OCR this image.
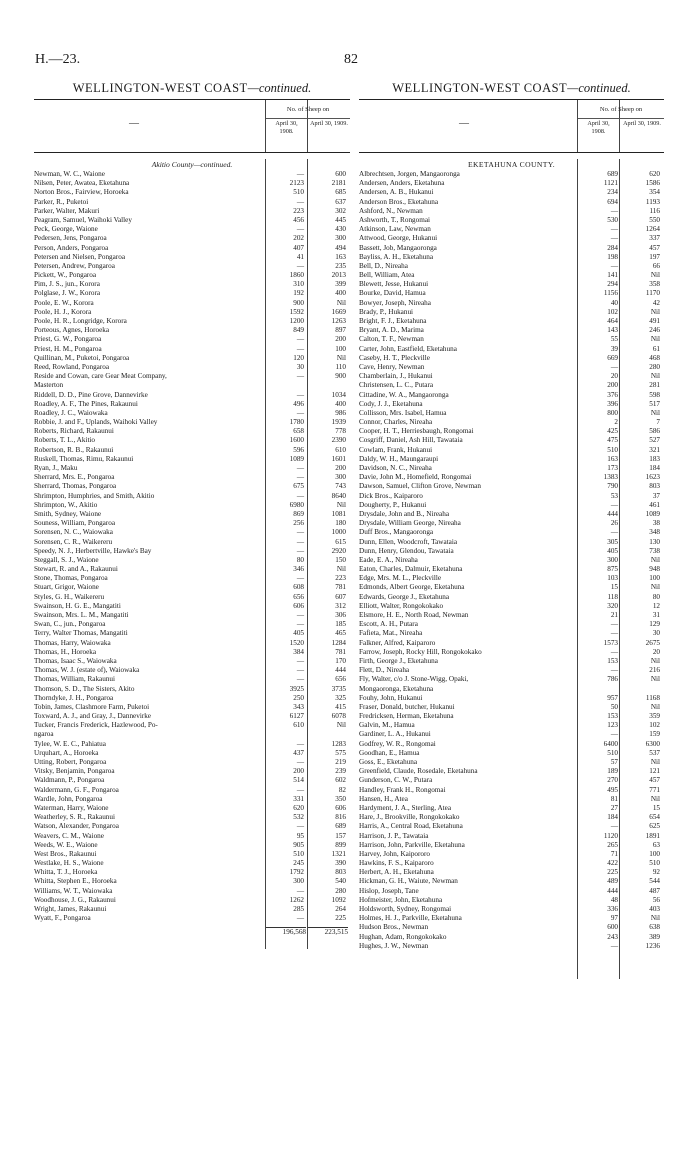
H.—23.	82
WELLINGTON-WEST COAST—continued.
—
No. of Sheep on
April 30, 1908.
April 30, 1909.
Akitio County—continued.
Newman, W. C., Waione	—	600
Nilsen, Peter, Awatea, Eketahuna	2123	2181
Norton Bros., Fairview, Horoeka	510	685
Parker, R., Puketoi	—	637
Parker, Walter, Makuri	223	302
Peagram, Samuel, Waihoki Valley	456	445
Peck, George, Waione	—	430
Pedersen, Jens, Pongaroa	202	300
Person, Anders, Pongaroa	407	494
Petersen and Nielsen, Pongaroa	41	163
Petersen, Andrew, Pongaroa	—	235
Pickett, W., Pongaroa	1860	2013
Pim, J. S., jun., Korora	310	399
Polglase, J. W., Korora	192	400
Poole, E. W., Korora	900	Nil
Poole, H. J., Korora	1592	1669
Poole, H. R., Longridge, Korora	1200	1263
Porteous, Agnes, Horoeka	849	897
Priest, G. W., Pongaroa	—	200
Priest, H. M., Pongaroa	—	100
Quillinan, M., Puketoi, Pongaroa	120	Nil
Reed, Rowland, Pongaroa	30	110
Reside and Cowan, care Gear Meat Company,	—	900
Masterton
Riddell, D. D., Pine Grove, Dannevirke	—	1034
Roadley, A. F., The Pines, Rakaunui	496	400
Roadley, J. C., Waiowaka	—	986
Robbie, J. and F., Uplands, Waihoki Valley	1780	1939
Roberts, Richard, Rakaunui	658	778
Roberts, T. L., Akitio	1600	2390
Robertson, R. B., Rakaunui	596	610
Ruskell, Thomas, Rimu, Rakaunui	1089	1601
Ryan, J., Maku	—	200
Sherrard, Mrs. E., Pongaroa	—	300
Sherrard, Thomas, Pongaroa	675	743
Shrimpton, Humphries, and Smith, Akitio	—	8640
Shrimpton, W., Akitio	6980	Nil
Smith, Sydney, Waione	869	1081
Souness, William, Pongaroa	256	180
Sorensen, N. C., Waiowaka	—	1000
Sorensen, C. R., Waikereru	—	615
Speedy, N. J., Herbertville, Hawke's Bay	—	2920
Steggall, S. J., Waione	80	150
Stewart, R. and A., Rakaunui	346	Nil
Stone, Thomas, Pongaroa	—	223
Stuart, Grigor, Waione	608	781
Styles, G. H., Waikereru	656	607
Swainson, H. G. E., Mangatiti	606	312
Swainson, Mrs. L. M., Mangatiti	—	306
Swan, C., jun., Pongaroa	—	185
Terry, Walter Thomas, Mangatiti	405	465
Thomas, Harry, Waiowaka	1520	1284
Thomas, H., Horoeka	384	781
Thomas, Isaac S., Waiowaka	—	170
Thomas, W. J. (estate of), Waiowaka	—	444
Thomas, William, Rakaunui	—	656
Thomson, S. D., The Sisters, Akito	3925	3735
Thorndyke, J. H., Pongaroa	250	325
Tobin, James, Clashmore Farm, Puketoi	343	415
Toxward, A. J., and Gray, J., Dannevirke	6127	6078
Tucker, Francis Frederick, Hazlewood, Po-	610	Nil
ngaroa
Tylee, W. E. C., Pahiatua	—	1283
Urquhart, A., Horoeka	437	575
Utting, Robert, Pongaroa	—	219
Vitsky, Benjamin, Pongaroa	200	239
Waldmann, P., Pongaroa	514	602
Waldermann, G. F., Pongaroa	—	82
Wardle, John, Pongaroa	331	350
Waterman, Harry, Waione	620	606
Weatherley, S. R., Rakaunui	532	816
Watson, Alexander, Pongaroa	—	689
Weavers, C. M., Waione	95	157
Weeds, W. E., Waione	905	899
West Bros., Rakaunui	510	1321
Westlake, H. S., Waione	245	390
Whitta, T. J., Horoeka	1792	803
Whitta, Stephen E., Horoeka	300	540
Williams, W. T., Waiowaka	—	280
Woodhouse, J. G., Rakaunui	1262	1092
Wright, James, Rakaunui	285	264
Wyatt, F., Pongaroa	—	225
196,568	223,515
WELLINGTON-WEST COAST—continued.
—
No. of Sheep on
April 30, 1908.
April 30, 1909.
EKETAHUNA COUNTY.
Albrechtsen, Jorgen, Mangaoronga	689	620
Andersen, Anders, Eketahuna	1121	1586
Andersen, A. B., Hukanui	234	354
Anderson Bros., Eketahuna	694	1193
Ashford, N., Newman	—	116
Ashworth, T., Rongomai	530	550
Atkinson, Law, Newman	—	1264
Attwood, George, Hukanui	—	337
Bassett, Job, Mangaoronga	284	457
Bayliss, A. H., Eketahuna	198	197
Bell, D., Nireaha	—	66
Bell, William, Atea	141	Nil
Blewett, Jesse, Hukanui	294	358
Bourke, David, Hamua	1156	1170
Bowyer, Joseph, Nireaha	40	42
Brady, P., Hukanui	102	Nil
Bright, F. J., Eketahuna	464	491
Bryant, A. D., Marima	143	246
Calton, T. F., Newman	55	Nil
Carter, John, Eastfield, Eketahuna	39	61
Caseby, H. T., Pleckville	669	468
Cave, Henry, Newman	—	280
Chamberlain, J., Hukanui	20	Nil
Christensen, L. C., Putara	200	281
Cittadine, W. A., Mangaoronga	376	598
Cody, J. J., Eketahuna	396	517
Collisson, Mrs. Isabel, Hamua	800	Nil
Connor, Charles, Nireaha	2	7
Cooper, H. T., Herriesbaugh, Rongomai	425	586
Cosgriff, Daniel, Ash Hill, Tawataia	475	527
Cowlam, Frank, Hukanui	510	321
Daldy, W. H., Maungaraupi	163	183
Davidson, N. C., Nireaha	173	184
Davie, John M., Homefield, Rongomai	1383	1623
Dawson, Samuel, Clifton Grove, Newman	790	803
Dick Bros., Kaiparoro	53	37
Dougherty, P., Hukanui	—	461
Drysdale, John and B., Nireaha	444	1089
Drysdale, William George, Nireaha	26	38
Duff Bros., Mangaoronga	—	348
Dunn, Ellen, Woodcroft, Tawataia	305	130
Dunn, Henry, Glendou, Tawataia	405	738
Eade, E. A., Nireaha	300	Nil
Eaton, Charles, Dalmuir, Eketahuna	875	948
Edge, Mrs. M. L., Pleckville	103	100
Edmonds, Albert George, Eketahuna	15	Nil
Edwards, George J., Eketahuna	118	80
Elliott, Walter, Rongokokako	320	12
Elsmore, H. E., North Road, Newman	21	31
Escott, A. H., Putara	—	129
Fafieta, Mat., Nireaha	—	30
Falkner, Alfred, Kaiparoro	1573	2675
Farrow, Joseph, Rocky Hill, Rongokokako	—	20
Firth, George J., Eketahuna	153	Nil
Flett, D., Nireaha	—	216
Fly, Walter, c/o J. Stone-Wigg, Opaki,	786	Nil
Mongaoronga, Eketahuna
Fouhy, John, Hukanui	957	1168
Fraser, Donald, butcher, Hukanui	50	Nil
Fredricksen, Herman, Eketahuna	153	359
Galvin, M., Hamua	123	102
Gardiner, L. A., Hukanui	—	159
Godfrey, W. R., Rongomai	6400	6300
Goodhan, E., Hamua	510	537
Goss, E., Eketahuna	57	Nil
Greenfield, Claude, Rosedale, Eketahuna	189	121
Gunderson, C. W., Putara	270	457
Handley, Frank H., Rongomai	495	771
Hansen, H., Atea	81	Nil
Hardyment, J. A., Sterling, Atea	27	15
Hare, J., Brookville, Rongokokako	184	654
Harris, A., Central Road, Eketahuna	—	625
Harrison, J. P., Tawataia	1120	1891
Harrison, John, Parkville, Eketahuna	265	63
Harvey, John, Kaipororo	71	100
Hawkins, F. S., Kaiparoro	422	510
Herbert, A. H., Eketahuna	225	92
Hickman, G. H., Waiute, Newman	489	544
Hislop, Joseph, Tane	444	487
Hofmeister, John, Eketahuna	48	56
Holdsworth, Sydney, Rongomai	336	403
Holmes, H. J., Parkville, Eketahuna	97	Nil
Hudson Bros., Newman	600	638
Hughan, Adam, Rongokokako	243	389
Hughes, J. W., Newman	—	1236
